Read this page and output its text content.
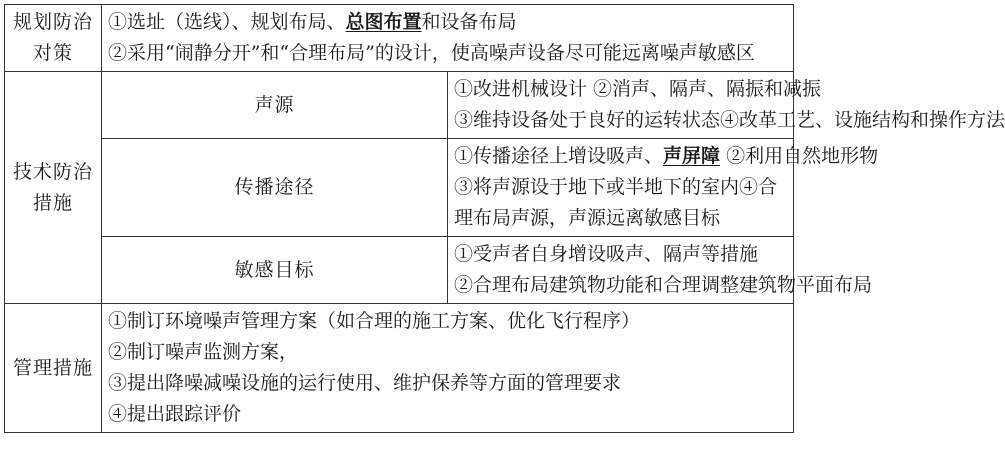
规划防治对策	①选址（选线）、规划布局、总图布置和设备布局
②采用“闹静分开”和“合理布局”的设计，使高噪声设备尽可能远离噪声敏感区	

技术防治措施	声源	①改进机械设计 ②消声、隔声、隔振和减振
③维持设备处于良好的运转状态④改革工艺、设施结构和操作方法

	传播途径	①传播途径上增设吸声、声屏障 ②利用自然地形物
③将声源设于地下或半地下的室内④合理布局声源，声源远离敏感目标

	敏感目标	①受声者自身增设吸声、隔声等措施
②合理布局建筑物功能和合理调整建筑物平面布局

管理措施	①制订环境噪声管理方案（如合理的施工方案、优化飞行程序）
②制订噪声监测方案，
③提出降噪减噪设施的运行使用、维护保养等方面的管理要求
④提出跟踪评价	
